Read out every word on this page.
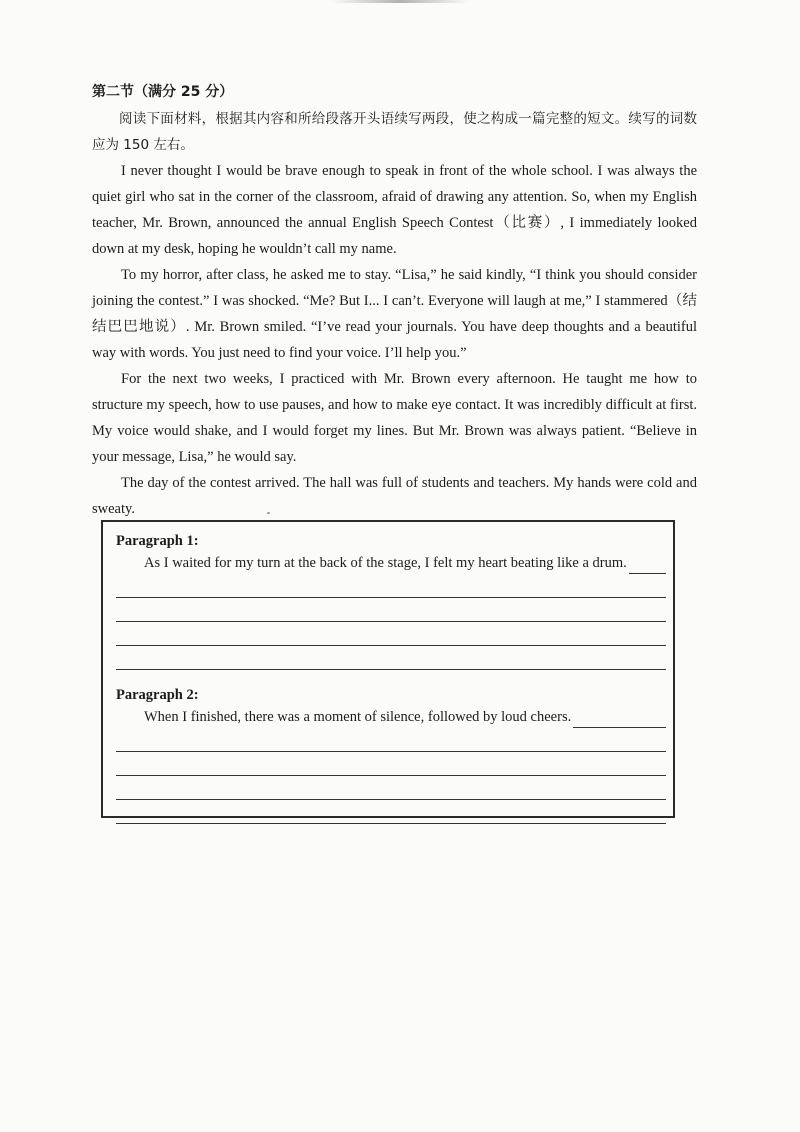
第二节（满分 25 分）

阅读下面材料，根据其内容和所给段落开头语续写两段，使之构成一篇完整的短文。续写的词数应为 150 左右。

I never thought I would be brave enough to speak in front of the whole school. I was always the quiet girl who sat in the corner of the classroom, afraid of drawing any attention. So, when my English teacher, Mr. Brown, announced the annual English Speech Contest（比赛）, I immediately looked down at my desk, hoping he wouldn’t call my name.

To my horror, after class, he asked me to stay. “Lisa,” he said kindly, “I think you should consider joining the contest.” I was shocked. “Me? But I... I can’t. Everyone will laugh at me,” I stammered（结结巴巴地说）. Mr. Brown smiled. “I’ve read your journals. You have deep thoughts and a beautiful way with words. You just need to find your voice. I’ll help you.”

For the next two weeks, I practiced with Mr. Brown every afternoon. He taught me how to structure my speech, how to use pauses, and how to make eye contact. It was incredibly difficult at first. My voice would shake, and I would forget my lines. But Mr. Brown was always patient. “Believe in your message, Lisa,” he would say.

The day of the contest arrived. The hall was full of students and teachers. My hands were cold and sweaty.

Paragraph 1:

As I waited for my turn at the back of the stage, I felt my heart beating like a drum.

Paragraph 2:

When I finished, there was a moment of silence, followed by loud cheers.
